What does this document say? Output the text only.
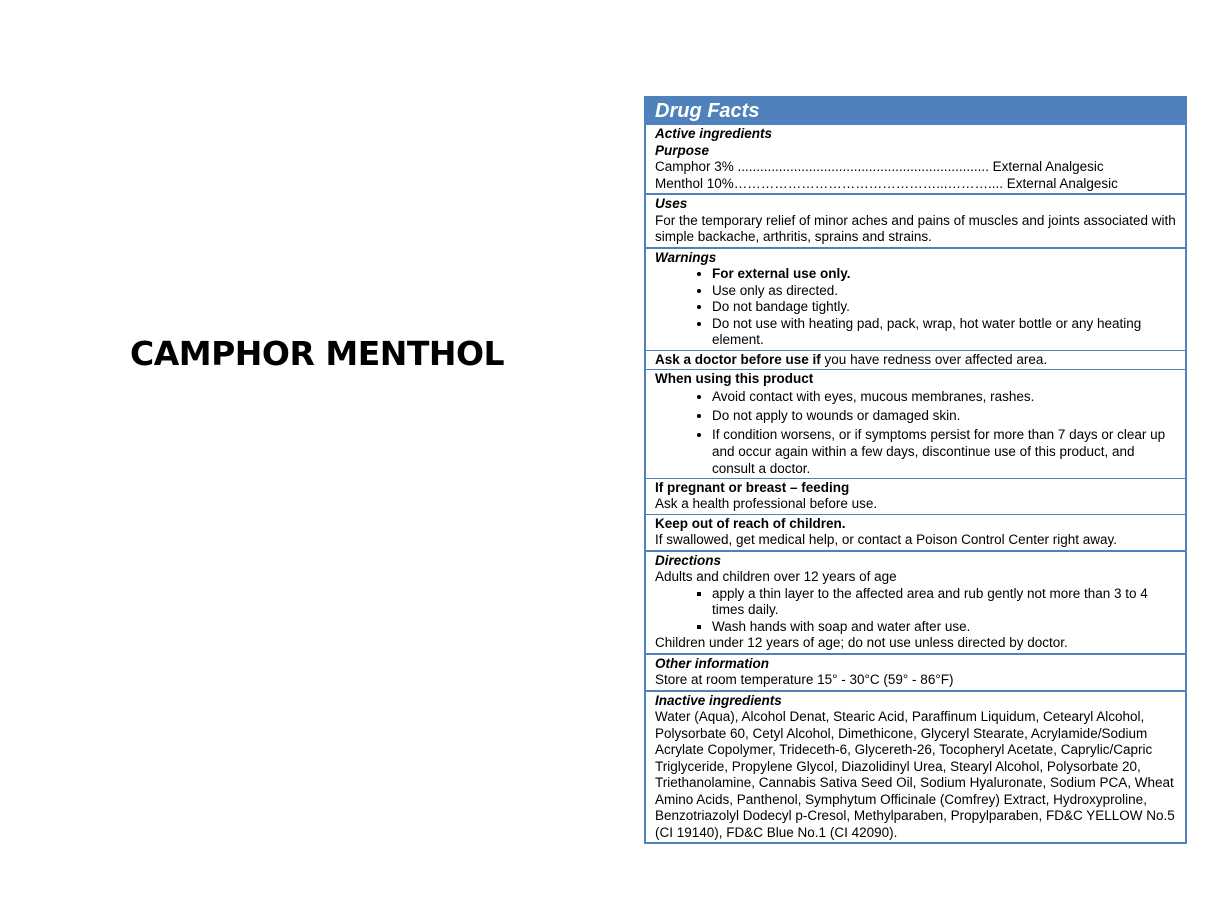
CAMPHOR MENTHOL
Drug Facts
Active ingredients
Purpose
Camphor 3% ................................................................... External Analgesic
Menthol 10%………………………………………...……….... External Analgesic
Uses
For the temporary relief of minor aches and pains of muscles and joints associated with simple backache, arthritis, sprains and strains.
Warnings
• For external use only.
• Use only as directed.
• Do not bandage tightly.
• Do not use with heating pad, pack, wrap, hot water bottle or any heating element.
Ask a doctor before use if you have redness over affected area.
When using this product
• Avoid contact with eyes, mucous membranes, rashes.
• Do not apply to wounds or damaged skin.
• If condition worsens, or if symptoms persist for more than 7 days or clear up and occur again within a few days, discontinue use of this product, and consult a doctor.
If pregnant or breast – feeding
Ask a health professional before use.
Keep out of reach of children.
If swallowed, get medical help, or contact a Poison Control Center right away.
Directions
Adults and children over 12 years of age
▪ apply a thin layer to the affected area and rub gently not more than 3 to 4 times daily.
▪ Wash hands with soap and water after use.
Children under 12 years of age; do not use unless directed by doctor.
Other information
Store at room temperature 15° - 30°C (59° - 86°F)
Inactive ingredients
Water (Aqua), Alcohol Denat, Stearic Acid, Paraffinum Liquidum, Cetearyl Alcohol, Polysorbate 60, Cetyl Alcohol, Dimethicone, Glyceryl Stearate, Acrylamide/Sodium Acrylate Copolymer, Trideceth-6, Glycereth-26, Tocopheryl Acetate, Caprylic/Capric Triglyceride, Propylene Glycol, Diazolidinyl Urea, Stearyl Alcohol, Polysorbate 20, Triethanolamine, Cannabis Sativa Seed Oil, Sodium Hyaluronate, Sodium PCA, Wheat Amino Acids, Panthenol, Symphytum Officinale (Comfrey) Extract, Hydroxyproline, Benzotriazolyl Dodecyl p-Cresol, Methylparaben, Propylparaben, FD&C YELLOW No.5 (CI 19140), FD&C Blue No.1 (CI 42090).
